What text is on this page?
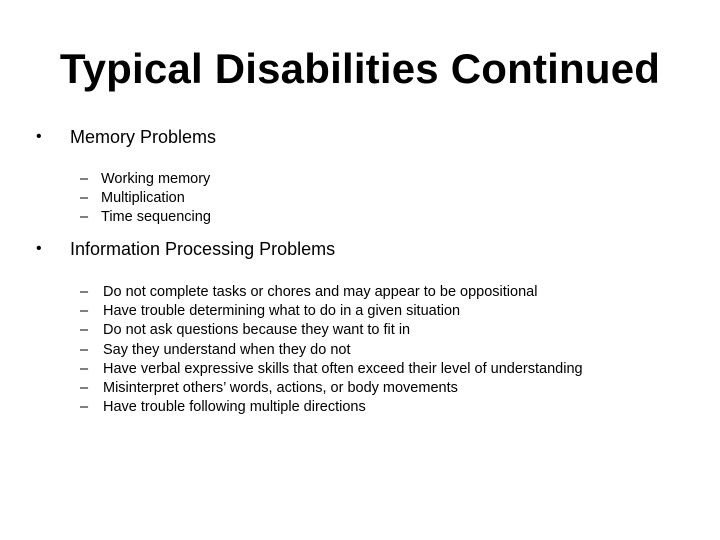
Typical Disabilities Continued
• Memory Problems
– Working memory
– Multiplication
– Time sequencing
• Information Processing Problems
– Do not complete tasks or chores and may appear to be oppositional
– Have trouble determining what to do in a given situation
– Do not ask questions because they want to fit in
– Say they understand when they do not
– Have verbal expressive skills that often exceed their level of understanding
– Misinterpret others’ words, actions, or body movements
– Have trouble following multiple directions
